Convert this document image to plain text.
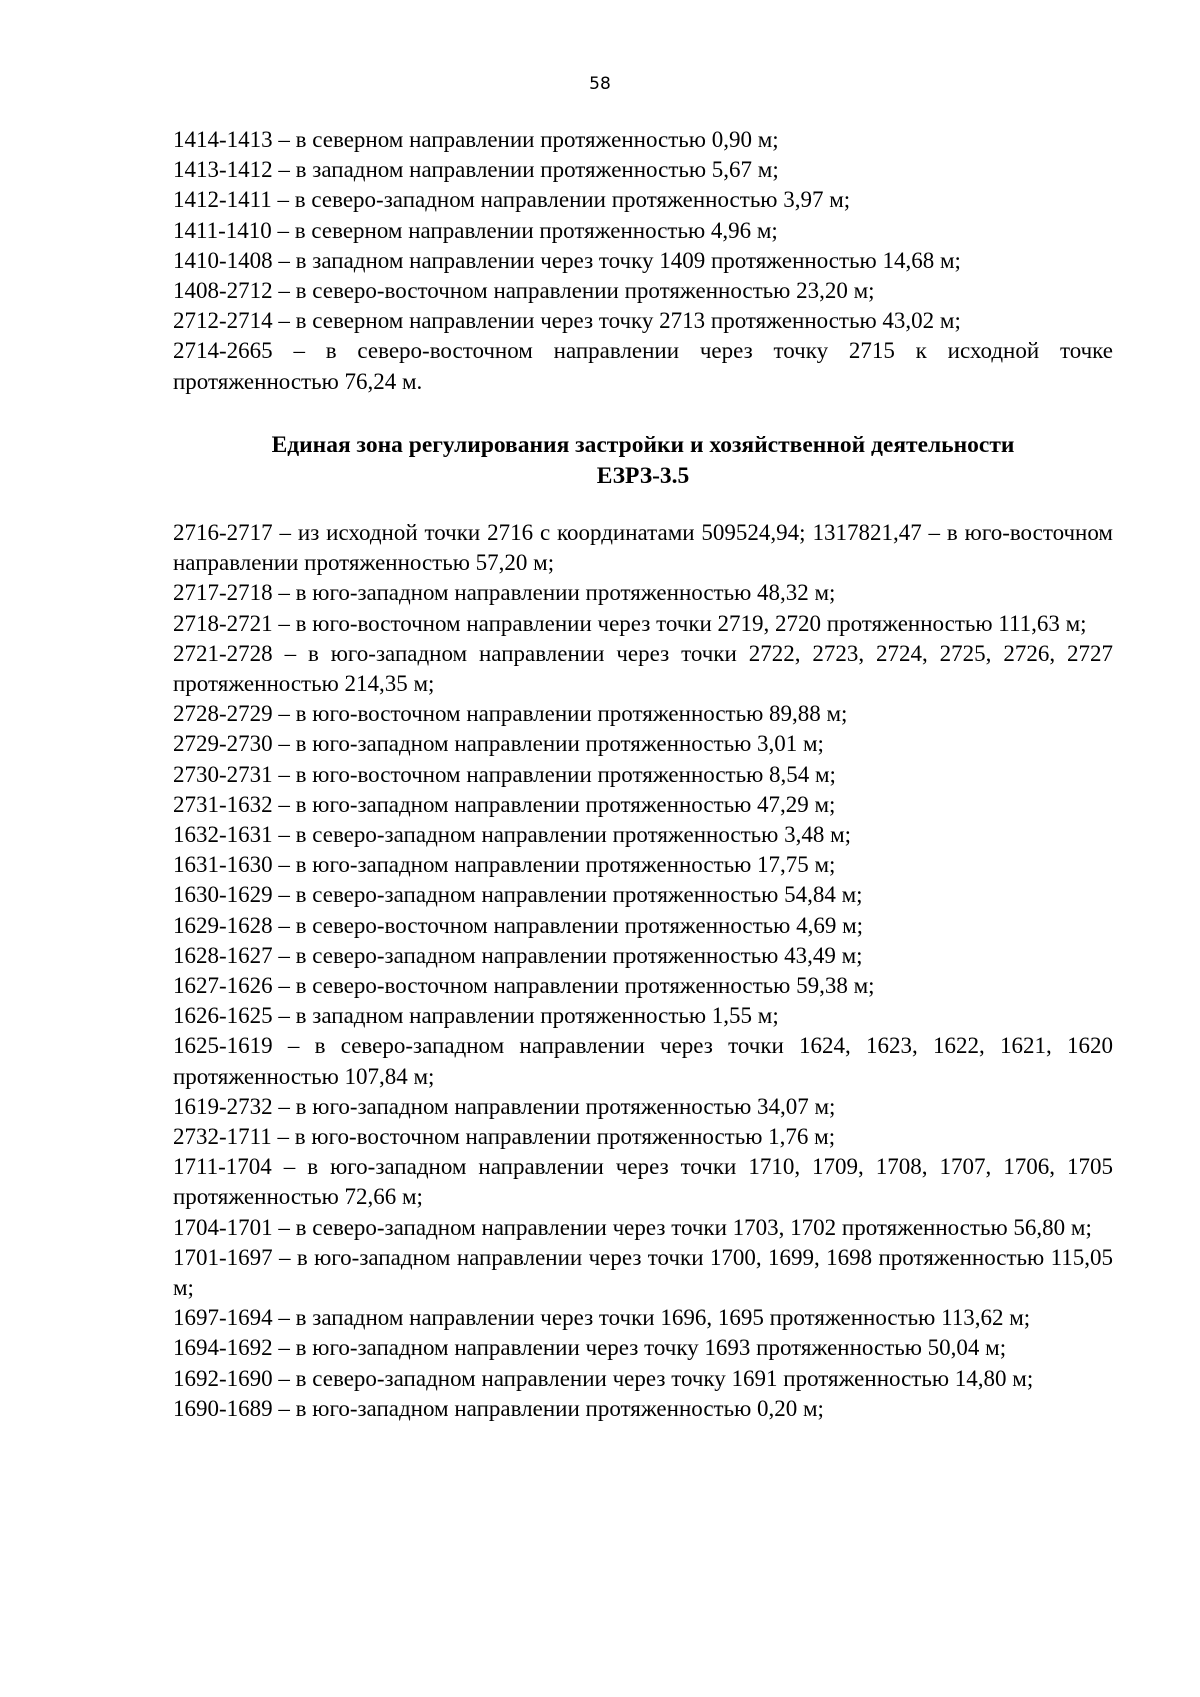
58

1414-1413 – в северном направлении протяженностью 0,90 м;

1413-1412 – в западном направлении протяженностью 5,67 м;

1412-1411 – в северо-западном направлении протяженностью 3,97 м;

1411-1410 – в северном направлении протяженностью 4,96 м;

1410-1408 – в западном направлении через точку 1409 протяженностью 14,68 м;

1408-2712 – в северо-восточном направлении протяженностью 23,20 м;

2712-2714 – в северном направлении через точку 2713 протяженностью 43,02 м;

2714-2665 – в северо-восточном направлении через точку 2715 к исходной точке протяженностью 76,24 м.

Единая зона регулирования застройки и хозяйственной деятельности
ЕЗРЗ-3.5

2716-2717 – из исходной точки 2716 с координатами 509524,94; 1317821,47 – в юго-восточном направлении протяженностью 57,20 м;

2717-2718 – в юго-западном направлении протяженностью 48,32 м;

2718-2721 – в юго-восточном направлении через точки 2719, 2720 протяженностью 111,63 м;

2721-2728 – в юго-западном направлении через точки 2722, 2723, 2724, 2725, 2726, 2727 протяженностью 214,35 м;

2728-2729 – в юго-восточном направлении протяженностью 89,88 м;

2729-2730 – в юго-западном направлении протяженностью 3,01 м;

2730-2731 – в юго-восточном направлении протяженностью 8,54 м;

2731-1632 – в юго-западном направлении протяженностью 47,29 м;

1632-1631 – в северо-западном направлении протяженностью 3,48 м;

1631-1630 – в юго-западном направлении протяженностью 17,75 м;

1630-1629 – в северо-западном направлении протяженностью 54,84 м;

1629-1628 – в северо-восточном направлении протяженностью 4,69 м;

1628-1627 – в северо-западном направлении протяженностью 43,49 м;

1627-1626 – в северо-восточном направлении протяженностью 59,38 м;

1626-1625 – в западном направлении протяженностью 1,55 м;

1625-1619 – в северо-западном направлении через точки 1624, 1623, 1622, 1621, 1620 протяженностью 107,84 м;

1619-2732 – в юго-западном направлении протяженностью 34,07 м;

2732-1711 – в юго-восточном направлении протяженностью 1,76 м;

1711-1704 – в юго-западном направлении через точки 1710, 1709, 1708, 1707, 1706, 1705 протяженностью 72,66 м;

1704-1701 – в северо-западном направлении через точки 1703, 1702 протяженностью 56,80 м;

1701-1697 – в юго-западном направлении через точки 1700, 1699, 1698 протяженностью 115,05 м;

1697-1694 – в западном направлении через точки 1696, 1695 протяженностью 113,62 м;

1694-1692 – в юго-западном направлении через точку 1693 протяженностью 50,04 м;

1692-1690 – в северо-западном направлении через точку 1691 протяженностью 14,80 м;

1690-1689 – в юго-западном направлении протяженностью 0,20 м;
